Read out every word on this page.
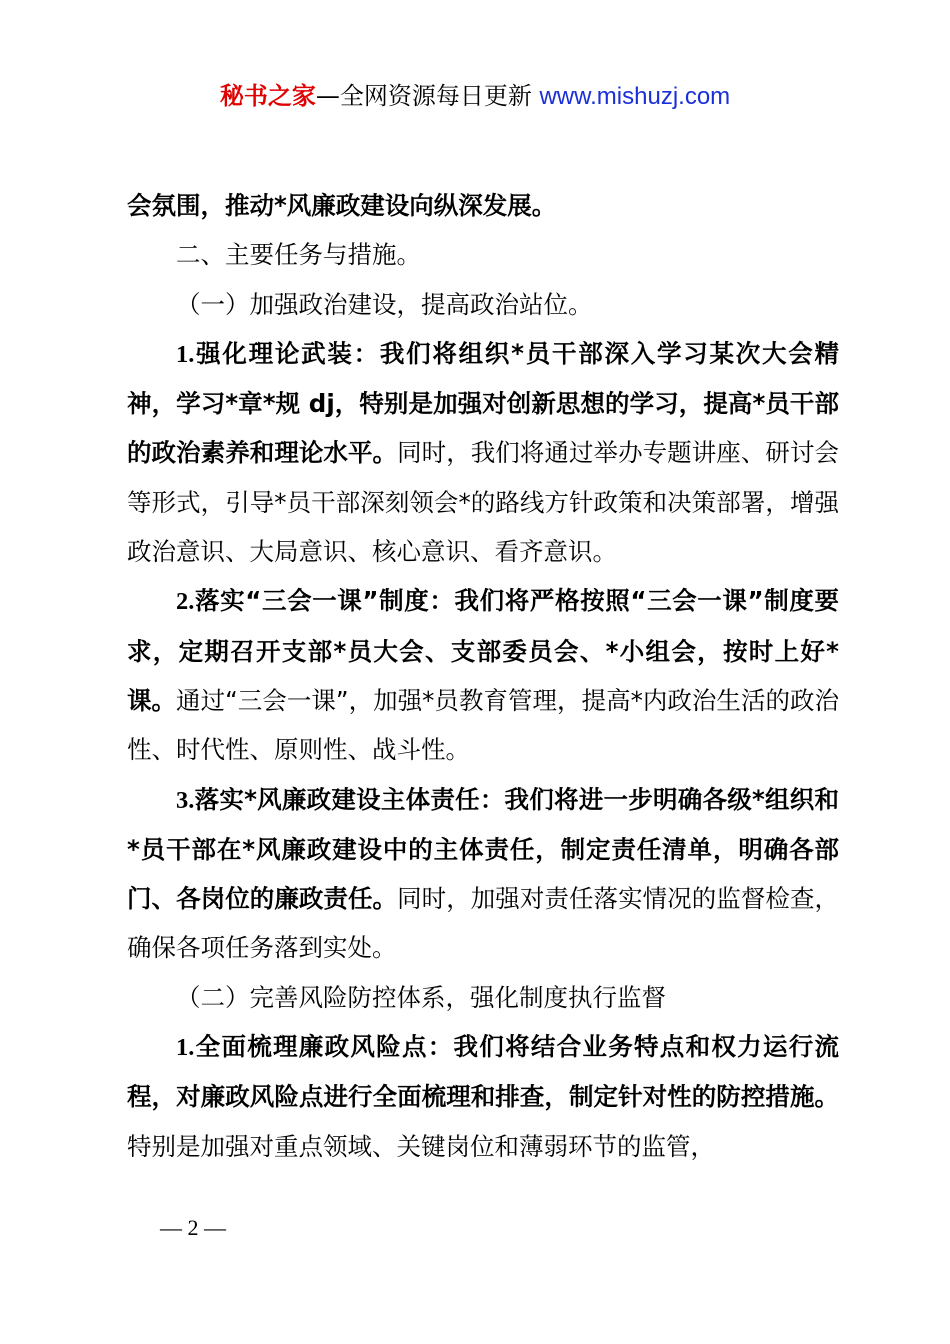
秘书之家—全网资源每日更新 www.mishuzj.com

会氛围，推动*风廉政建设向纵深发展。

二、主要任务与措施。

（一）加强政治建设，提高政治站位。

1.强化理论武装：我们将组织*员干部深入学习某次大会精神，学习*章*规 dj，特别是加强对创新思想的学习，提高*员干部的政治素养和理论水平。同时，我们将通过举办专题讲座、研讨会等形式，引导*员干部深刻领会*的路线方针政策和决策部署，增强政治意识、大局意识、核心意识、看齐意识。

2.落实“三会一课”制度：我们将严格按照“三会一课”制度要求，定期召开支部*员大会、支部委员会、*小组会，按时上好*课。通过“三会一课”，加强*员教育管理，提高*内政治生活的政治性、时代性、原则性、战斗性。

3.落实*风廉政建设主体责任：我们将进一步明确各级*组织和*员干部在*风廉政建设中的主体责任，制定责任清单，明确各部门、各岗位的廉政责任。同时，加强对责任落实情况的监督检查，确保各项任务落到实处。

（二）完善风险防控体系，强化制度执行监督

1.全面梳理廉政风险点：我们将结合业务特点和权力运行流程，对廉政风险点进行全面梳理和排查，制定针对性的防控措施。特别是加强对重点领域、关键岗位和薄弱环节的监管，

— 2 —
